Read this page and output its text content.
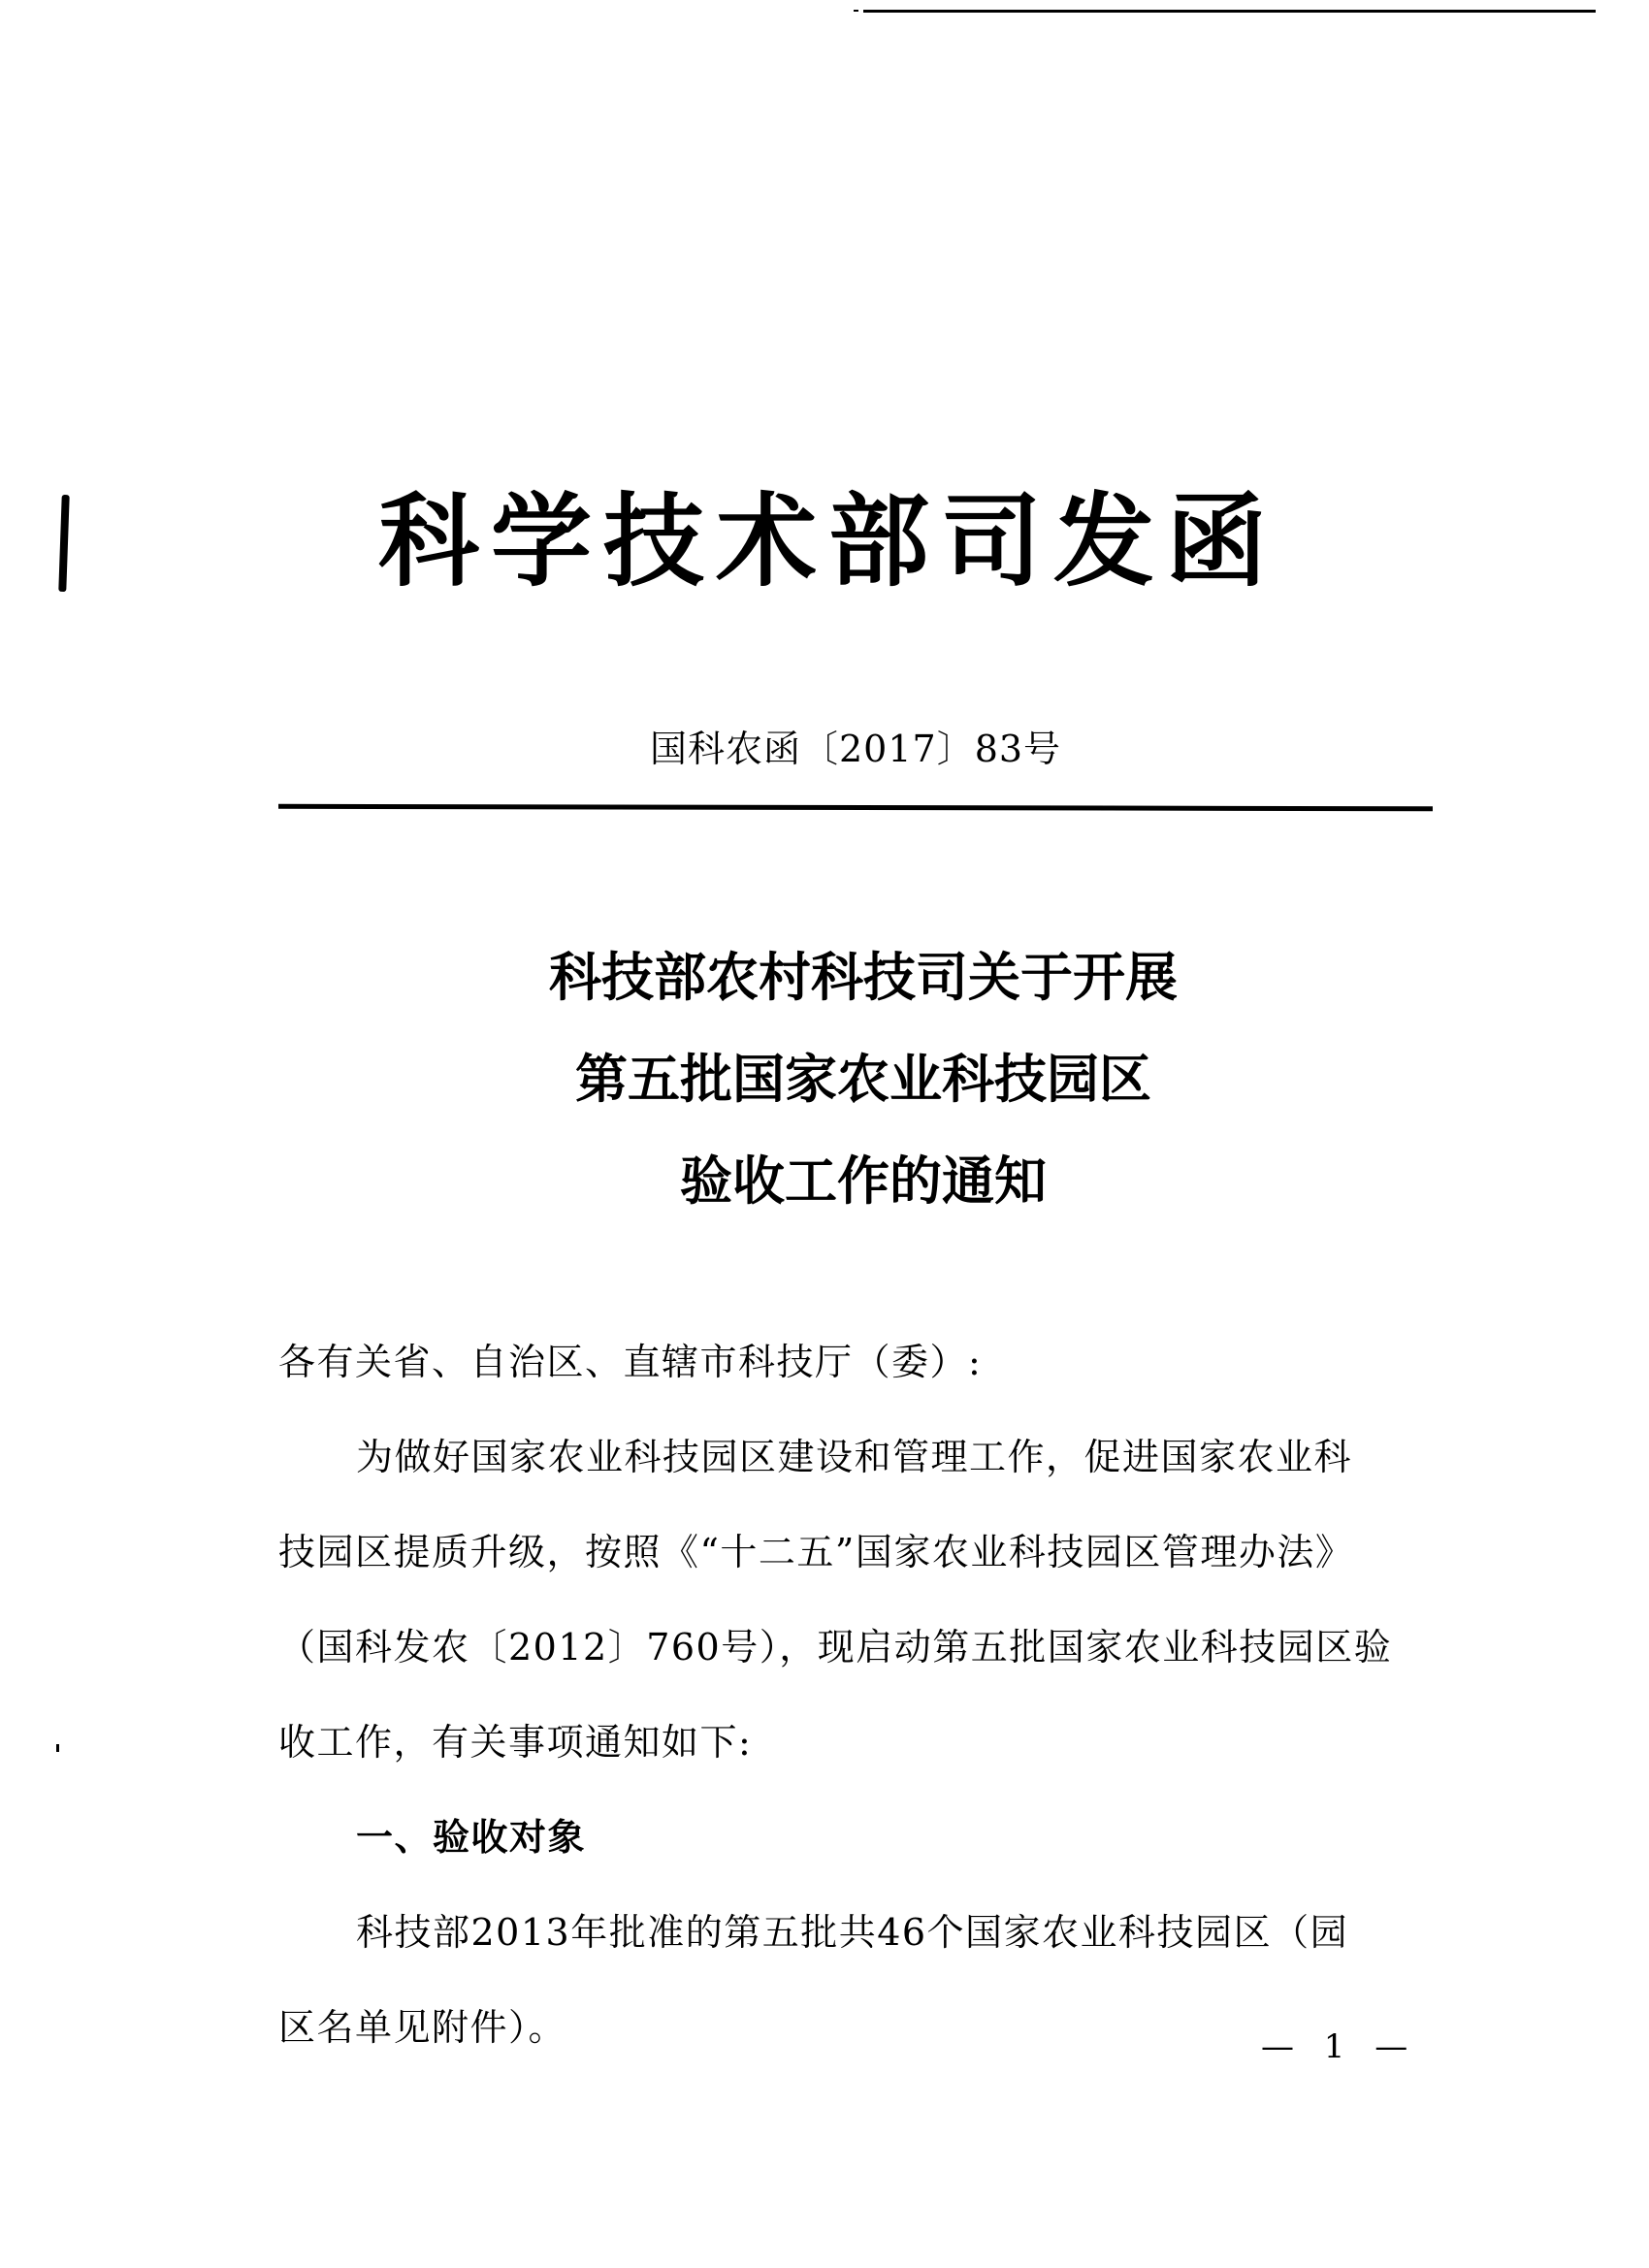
科学技术部司发函
国科农函〔2017〕83号
科技部农村科技司关于开展
第五批国家农业科技园区
验收工作的通知
各有关省、自治区、直辖市科技厅（委）:
为做好国家农业科技园区建设和管理工作，促进国家农业科
技园区提质升级，按照《“十二五”国家农业科技园区管理办法》
（国科发农〔2012〕760号），现启动第五批国家农业科技园区验
收工作，有关事项通知如下:
一、验收对象
科技部2013年批准的第五批共46个国家农业科技园区（园
区名单见附件）。	— 1 —
